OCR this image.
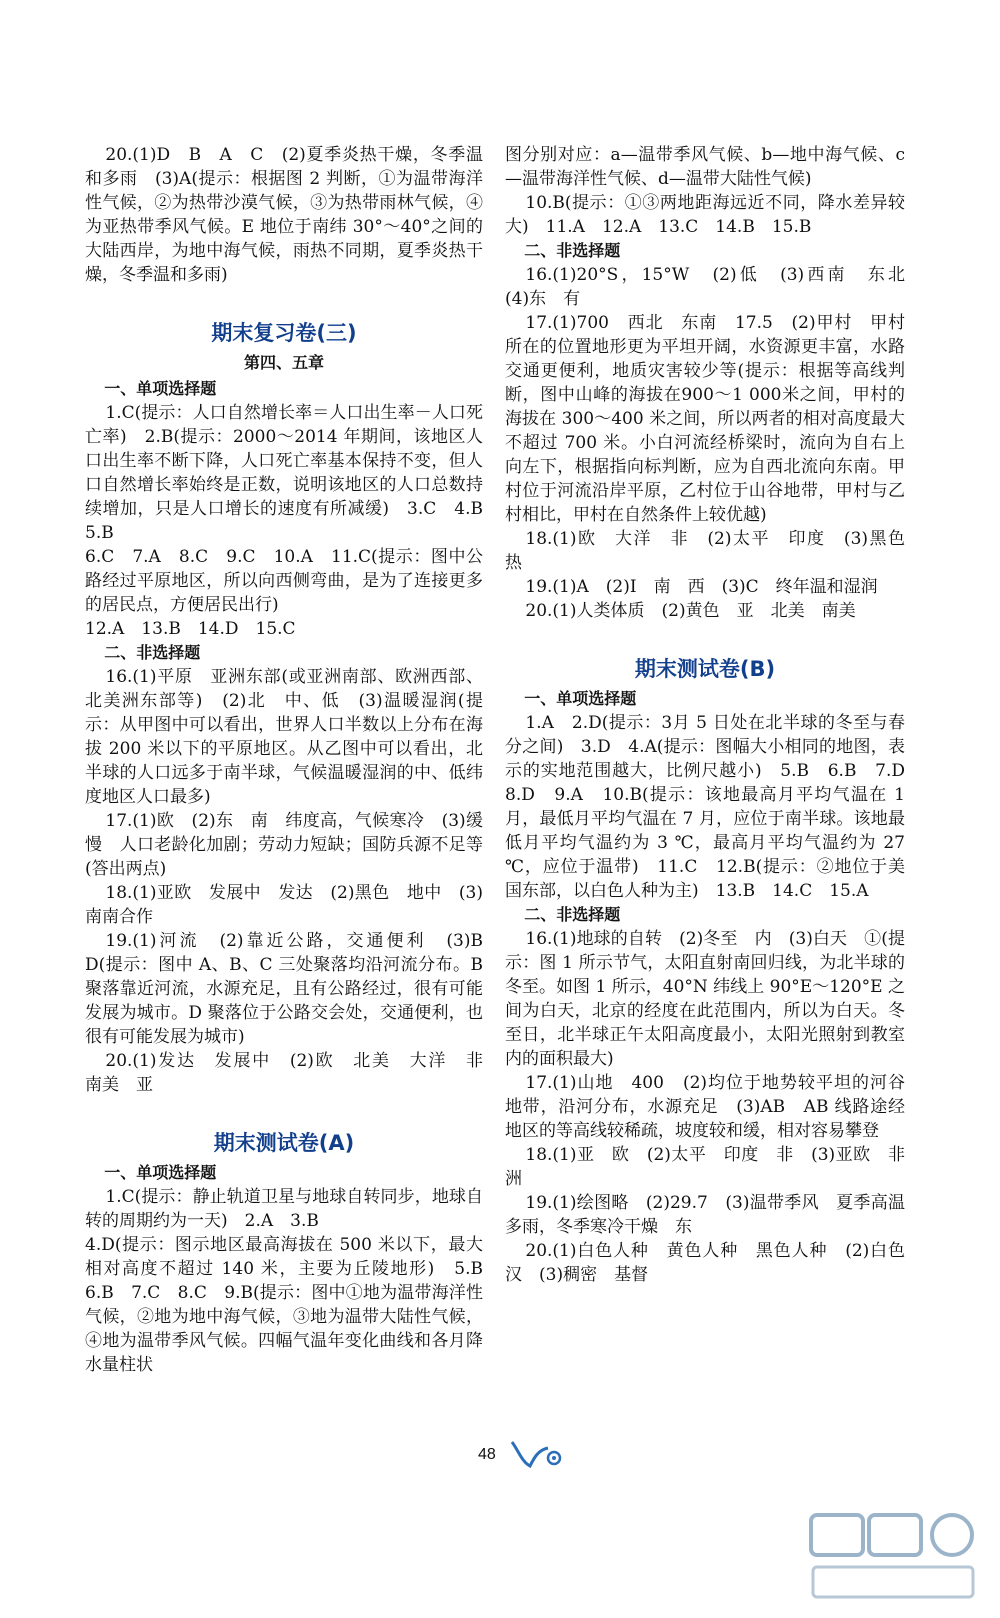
20.(1)D　B　A　C　(2)夏季炎热干燥，冬季温和多雨　(3)A(提示：根据图 2 判断，①为温带海洋性气候，②为热带沙漠气候，③为热带雨林气候，④为亚热带季风气候。E 地位于南纬 30°～40°之间的大陆西岸，为地中海气候，雨热不同期，夏季炎热干燥，冬季温和多雨)

期末复习卷(三)
第四、五章
一、单项选择题

1.C(提示：人口自然增长率＝人口出生率－人口死亡率)　2.B(提示：2000～2014 年期间，该地区人口出生率不断下降，人口死亡率基本保持不变，但人口自然增长率始终是正数，说明该地区的人口总数持续增加，只是人口增长的速度有所减缓)　3.C　4.B　5.B

6.C　7.A　8.C　9.C　10.A　11.C(提示：图中公路经过平原地区，所以向西侧弯曲，是为了连接更多的居民点，方便居民出行)

12.A　13.B　14.D　15.C

二、非选择题

16.(1)平原　亚洲东部(或亚洲南部、欧洲西部、北美洲东部等)　(2)北　中、低　(3)温暖湿润(提示：从甲图中可以看出，世界人口半数以上分布在海拔 200 米以下的平原地区。从乙图中可以看出，北半球的人口远多于南半球，气候温暖湿润的中、低纬度地区人口最多)

17.(1)欧　(2)东　南　纬度高，气候寒冷　(3)缓慢　人口老龄化加剧；劳动力短缺；国防兵源不足等(答出两点)

18.(1)亚欧　发展中　发达　(2)黑色　地中　(3)南南合作

19.(1)河流　(2)靠近公路，交通便利　(3)B　D(提示：图中 A、B、C 三处聚落均沿河流分布。B 聚落靠近河流，水源充足，且有公路经过，很有可能发展为城市。D 聚落位于公路交会处，交通便利，也很有可能发展为城市)

20.(1)发达　发展中　(2)欧　北美　大洋　非　南美　亚

期末测试卷(A)
一、单项选择题

1.C(提示：静止轨道卫星与地球自转同步，地球自转的周期约为一天)　2.A　3.B

4.D(提示：图示地区最高海拔在 500 米以下，最大相对高度不超过 140 米，主要为丘陵地形)　5.B　6.B　7.C　8.C　9.B(提示：图中①地为温带海洋性气候，②地为地中海气候，③地为温带大陆性气候，④地为温带季风气候。四幅气温年变化曲线和各月降水量柱状

图分别对应：a—温带季风气候、b—地中海气候、c—温带海洋性气候、d—温带大陆性气候)

10.B(提示：①③两地距海远近不同，降水差异较大)　11.A　12.A　13.C　14.B　15.B

二、非选择题

16.(1)20°S，15°W　(2)低　(3)西南　东北　(4)东　有

17.(1)700　西北　东南　17.5　(2)甲村　甲村所在的位置地形更为平坦开阔，水资源更丰富，水路交通更便利，地质灾害较少等(提示：根据等高线判断，图中山峰的海拔在900～1 000米之间，甲村的海拔在 300～400 米之间，所以两者的相对高度最大不超过 700 米。小白河流经桥梁时，流向为自右上向左下，根据指向标判断，应为自西北流向东南。甲村位于河流沿岸平原，乙村位于山谷地带，甲村与乙村相比，甲村在自然条件上较优越)

18.(1)欧　大洋　非　(2)太平　印度　(3)黑色　热

19.(1)A　(2)I　南　西　(3)C　终年温和湿润

20.(1)人类体质　(2)黄色　亚　北美　南美

期末测试卷(B)
一、单项选择题

1.A　2.D(提示：3月 5 日处在北半球的冬至与春分之间)　3.D　4.A(提示：图幅大小相同的地图，表示的实地范围越大，比例尺越小)　5.B　6.B　7.D　8.D　9.A　10.B(提示：该地最高月平均气温在 1 月，最低月平均气温在 7 月，应位于南半球。该地最低月平均气温约为 3 ℃，最高月平均气温约为 27 ℃，应位于温带)　11.C　12.B(提示：②地位于美国东部，以白色人种为主)　13.B　14.C　15.A

二、非选择题

16.(1)地球的自转　(2)冬至　内　(3)白天　①(提示：图 1 所示节气，太阳直射南回归线，为北半球的冬至。如图 1 所示，40°N 纬线上 90°E～120°E 之间为白天，北京的经度在此范围内，所以为白天。冬至日，北半球正午太阳高度最小，太阳光照射到教室内的面积最大)

17.(1)山地　400　(2)均位于地势较平坦的河谷地带，沿河分布，水源充足　(3)AB　AB 线路途经地区的等高线较稀疏，坡度较和缓，相对容易攀登

18.(1)亚　欧　(2)太平　印度　非　(3)亚欧　非洲

19.(1)绘图略　(2)29.7　(3)温带季风　夏季高温多雨，冬季寒冷干燥　东

20.(1)白色人种　黄色人种　黑色人种　(2)白色　汉　(3)稠密　基督

48
